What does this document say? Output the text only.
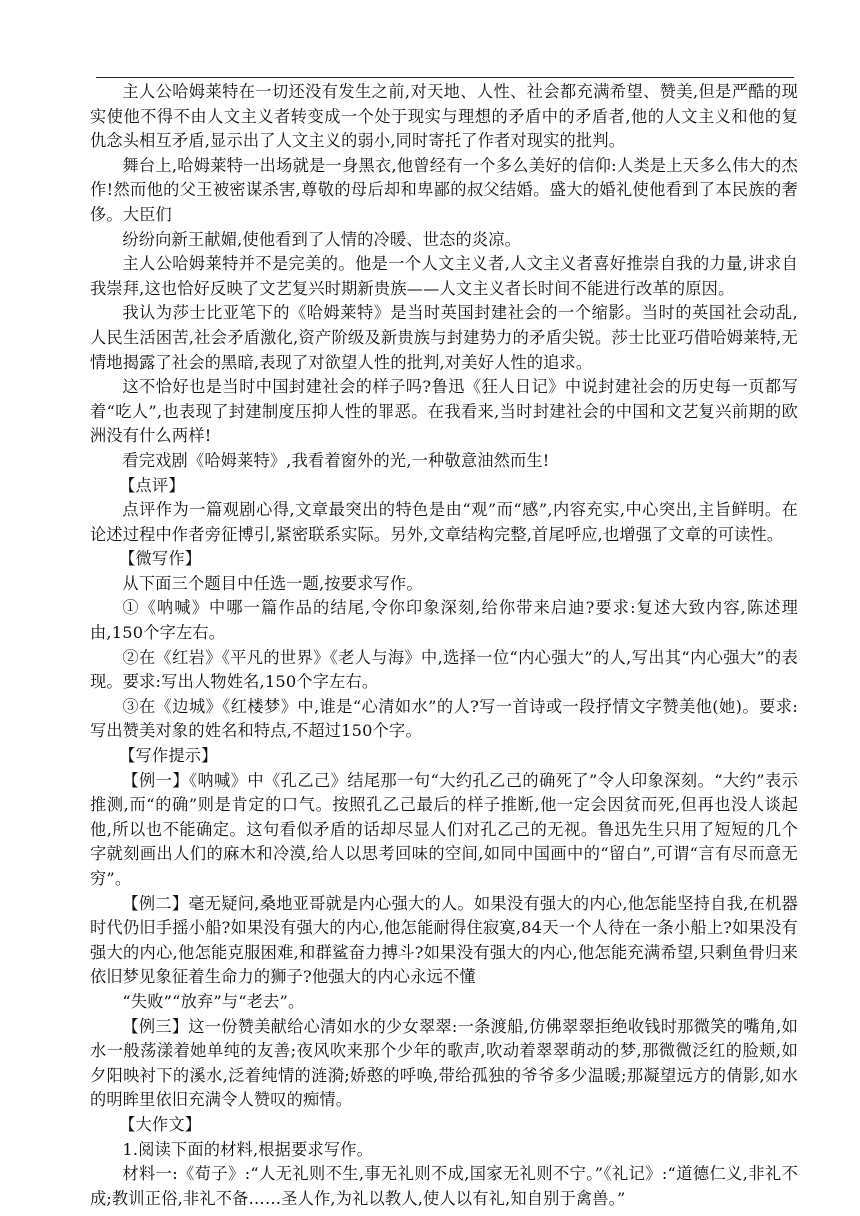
主人公哈姆莱特在一切还没有发生之前,对天地、人性、社会都充满希望、赞美,但是严酷的现实使他不得不由人文主义者转变成一个处于现实与理想的矛盾中的矛盾者,他的人文主义和他的复仇念头相互矛盾,显示出了人文主义的弱小,同时寄托了作者对现实的批判。

舞台上,哈姆莱特一出场就是一身黑衣,他曾经有一个多么美好的信仰:人类是上天多么伟大的杰作!然而他的父王被密谋杀害,尊敬的母后却和卑鄙的叔父结婚。盛大的婚礼使他看到了本民族的奢侈。大臣们

纷纷向新王献媚,使他看到了人情的冷暖、世态的炎凉。

主人公哈姆莱特并不是完美的。他是一个人文主义者,人文主义者喜好推崇自我的力量,讲求自我崇拜,这也恰好反映了文艺复兴时期新贵族——人文主义者长时间不能进行改革的原因。

我认为莎士比亚笔下的《哈姆莱特》是当时英国封建社会的一个缩影。当时的英国社会动乱,人民生活困苦,社会矛盾激化,资产阶级及新贵族与封建势力的矛盾尖锐。莎士比亚巧借哈姆莱特,无情地揭露了社会的黑暗,表现了对欲望人性的批判,对美好人性的追求。

这不恰好也是当时中国封建社会的样子吗?鲁迅《狂人日记》中说封建社会的历史每一页都写着“吃人”,也表现了封建制度压抑人性的罪恶。在我看来,当时封建社会的中国和文艺复兴前期的欧洲没有什么两样!

看完戏剧《哈姆莱特》,我看着窗外的光,一种敬意油然而生!

【点评】

点评作为一篇观剧心得,文章最突出的特色是由“观”而“感”,内容充实,中心突出,主旨鲜明。在论述过程中作者旁征博引,紧密联系实际。另外,文章结构完整,首尾呼应,也增强了文章的可读性。

【微写作】

从下面三个题目中任选一题,按要求写作。

①《呐喊》中哪一篇作品的结尾,令你印象深刻,给你带来启迪?要求:复述大致内容,陈述理由,150个字左右。

②在《红岩》《平凡的世界》《老人与海》中,选择一位“内心强大”的人,写出其“内心强大”的表现。要求:写出人物姓名,150个字左右。

③在《边城》《红楼梦》中,谁是“心清如水”的人?写一首诗或一段抒情文字赞美他(她)。要求:写出赞美对象的姓名和特点,不超过150个字。

【写作提示】

【例一】《呐喊》中《孔乙己》结尾那一句“大约孔乙己的确死了”令人印象深刻。“大约”表示推测,而“的确”则是肯定的口气。按照孔乙己最后的样子推断,他一定会因贫而死,但再也没人谈起他,所以也不能确定。这句看似矛盾的话却尽显人们对孔乙己的无视。鲁迅先生只用了短短的几个字就刻画出人们的麻木和冷漠,给人以思考回味的空间,如同中国画中的“留白”,可谓“言有尽而意无穷”。

【例二】毫无疑问,桑地亚哥就是内心强大的人。如果没有强大的内心,他怎能坚持自我,在机器时代仍旧手摇小船?如果没有强大的内心,他怎能耐得住寂寞,84天一个人待在一条小船上?如果没有强大的内心,他怎能克服困难,和群鲨奋力搏斗?如果没有强大的内心,他怎能充满希望,只剩鱼骨归来依旧梦见象征着生命力的狮子?他强大的内心永远不懂

“失败”“放弃”与“老去”。

【例三】这一份赞美献给心清如水的少女翠翠:一条渡船,仿佛翠翠拒绝收钱时那微笑的嘴角,如水一般荡漾着她单纯的友善;夜风吹来那个少年的歌声,吹动着翠翠萌动的梦,那微微泛红的脸颊,如夕阳映衬下的溪水,泛着纯情的涟漪;娇憨的呼唤,带给孤独的爷爷多少温暖;那凝望远方的倩影,如水的明眸里依旧充满令人赞叹的痴情。

【大作文】

1.阅读下面的材料,根据要求写作。

材料一:《荀子》:“人无礼则不生,事无礼则不成,国家无礼则不宁。”《礼记》:“道德仁义,非礼不成;教训正俗,非礼不备……圣人作,为礼以教人,使人以有礼,知自别于禽兽。”
